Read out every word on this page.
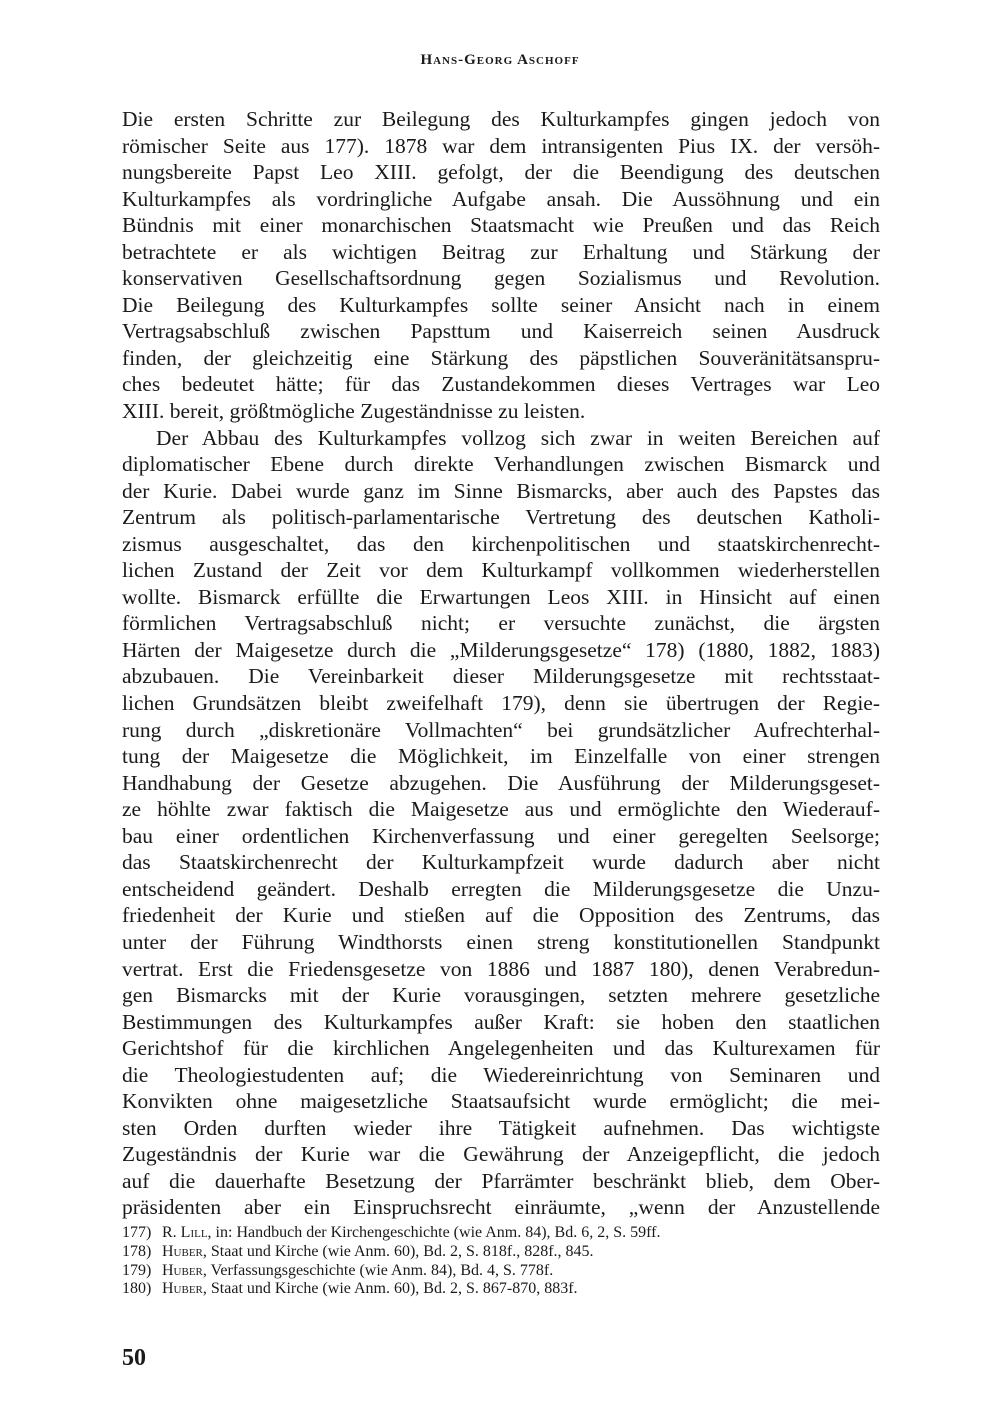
Hans-Georg Aschoff
Die ersten Schritte zur Beilegung des Kulturkampfes gingen jedoch von
römischer Seite aus 177). 1878 war dem intransigenten Pius IX. der versöh-
nungsbereite Papst Leo XIII. gefolgt, der die Beendigung des deutschen
Kulturkampfes als vordringliche Aufgabe ansah. Die Aussöhnung und ein
Bündnis mit einer monarchischen Staatsmacht wie Preußen und das Reich
betrachtete er als wichtigen Beitrag zur Erhaltung und Stärkung der
konservativen Gesellschaftsordnung gegen Sozialismus und Revolution.
Die Beilegung des Kulturkampfes sollte seiner Ansicht nach in einem
Vertragsabschluß zwischen Papsttum und Kaiserreich seinen Ausdruck
finden, der gleichzeitig eine Stärkung des päpstlichen Souveränitätsanspru-
ches bedeutet hätte; für das Zustandekommen dieses Vertrages war Leo
XIII. bereit, größtmögliche Zugeständnisse zu leisten.
Der Abbau des Kulturkampfes vollzog sich zwar in weiten Bereichen auf
diplomatischer Ebene durch direkte Verhandlungen zwischen Bismarck und
der Kurie. Dabei wurde ganz im Sinne Bismarcks, aber auch des Papstes das
Zentrum als politisch-parlamentarische Vertretung des deutschen Katholi-
zismus ausgeschaltet, das den kirchenpolitischen und staatskirchenrecht-
lichen Zustand der Zeit vor dem Kulturkampf vollkommen wiederherstellen
wollte. Bismarck erfüllte die Erwartungen Leos XIII. in Hinsicht auf einen
förmlichen Vertragsabschluß nicht; er versuchte zunächst, die ärgsten
Härten der Maigesetze durch die „Milderungsgesetze“ 178) (1880, 1882, 1883)
abzubauen. Die Vereinbarkeit dieser Milderungsgesetze mit rechtsstaat-
lichen Grundsätzen bleibt zweifelhaft 179), denn sie übertrugen der Regie-
rung durch „diskretionäre Vollmachten“ bei grundsätzlicher Aufrechterhal-
tung der Maigesetze die Möglichkeit, im Einzelfalle von einer strengen
Handhabung der Gesetze abzugehen. Die Ausführung der Milderungsgeset-
ze höhlte zwar faktisch die Maigesetze aus und ermöglichte den Wiederauf-
bau einer ordentlichen Kirchenverfassung und einer geregelten Seelsorge;
das Staatskirchenrecht der Kulturkampfzeit wurde dadurch aber nicht
entscheidend geändert. Deshalb erregten die Milderungsgesetze die Unzu-
friedenheit der Kurie und stießen auf die Opposition des Zentrums, das
unter der Führung Windthorsts einen streng konstitutionellen Standpunkt
vertrat. Erst die Friedensgesetze von 1886 und 1887 180), denen Verabredun-
gen Bismarcks mit der Kurie vorausgingen, setzten mehrere gesetzliche
Bestimmungen des Kulturkampfes außer Kraft: sie hoben den staatlichen
Gerichtshof für die kirchlichen Angelegenheiten und das Kulturexamen für
die Theologiestudenten auf; die Wiedereinrichtung von Seminaren und
Konvikten ohne maigesetzliche Staatsaufsicht wurde ermöglicht; die mei-
sten Orden durften wieder ihre Tätigkeit aufnehmen. Das wichtigste
Zugeständnis der Kurie war die Gewährung der Anzeigepflicht, die jedoch
auf die dauerhafte Besetzung der Pfarrämter beschränkt blieb, dem Ober-
präsidenten aber ein Einspruchsrecht einräumte, „wenn der Anzustellende
177) R. Lill, in: Handbuch der Kirchengeschichte (wie Anm. 84), Bd. 6, 2, S. 59ff.
178) Huber, Staat und Kirche (wie Anm. 60), Bd. 2, S. 818f., 828f., 845.
179) Huber, Verfassungsgeschichte (wie Anm. 84), Bd. 4, S. 778f.
180) Huber, Staat und Kirche (wie Anm. 60), Bd. 2, S. 867-870, 883f.
50
